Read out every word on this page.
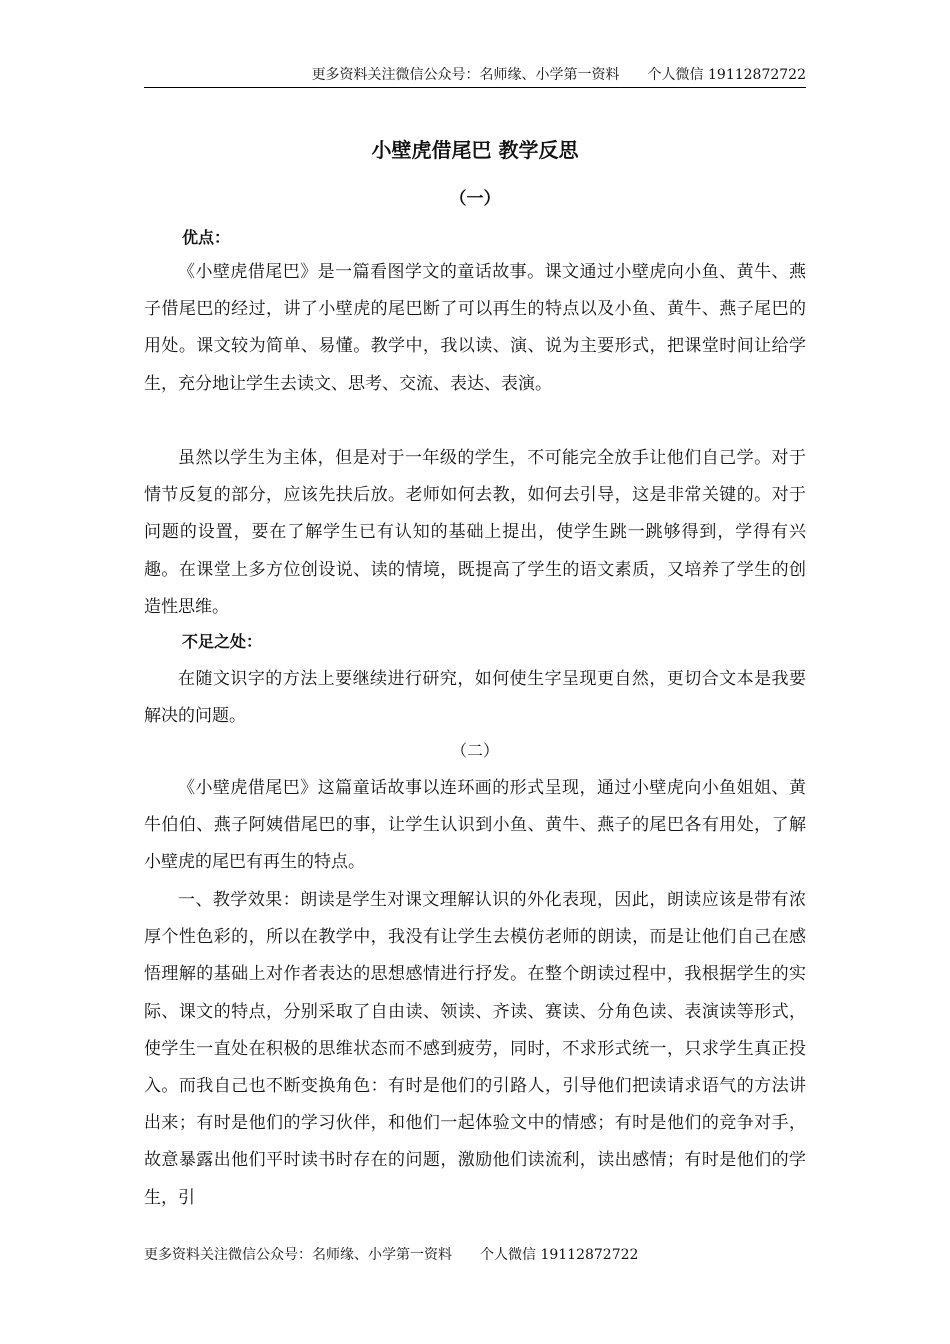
更多资料关注微信公众号：名师缘、小学第一资料　　个人微信 19112872722
小壁虎借尾巴 教学反思
（一）
优点：

《小壁虎借尾巴》是一篇看图学文的童话故事。课文通过小壁虎向小鱼、黄牛、燕子借尾巴的经过，讲了小壁虎的尾巴断了可以再生的特点以及小鱼、黄牛、燕子尾巴的用处。课文较为简单、易懂。教学中，我以读、演、说为主要形式，把课堂时间让给学生，充分地让学生去读文、思考、交流、表达、表演。

虽然以学生为主体，但是对于一年级的学生，不可能完全放手让他们自己学。对于情节反复的部分，应该先扶后放。老师如何去教，如何去引导，这是非常关键的。对于问题的设置，要在了解学生已有认知的基础上提出，使学生跳一跳够得到，学得有兴趣。在课堂上多方位创设说、读的情境，既提高了学生的语文素质，又培养了学生的创造性思维。

不足之处：

在随文识字的方法上要继续进行研究，如何使生字呈现更自然，更切合文本是我要解决的问题。

（二）

《小壁虎借尾巴》这篇童话故事以连环画的形式呈现，通过小壁虎向小鱼姐姐、黄牛伯伯、燕子阿姨借尾巴的事，让学生认识到小鱼、黄牛、燕子的尾巴各有用处，了解小壁虎的尾巴有再生的特点。

一、教学效果：朗读是学生对课文理解认识的外化表现，因此，朗读应该是带有浓厚个性色彩的，所以在教学中，我没有让学生去模仿老师的朗读，而是让他们自己在感悟理解的基础上对作者表达的思想感情进行抒发。在整个朗读过程中，我根据学生的实际、课文的特点，分别采取了自由读、领读、齐读、赛读、分角色读、表演读等形式，使学生一直处在积极的思维状态而不感到疲劳，同时，不求形式统一，只求学生真正投入。而我自己也不断变换角色：有时是他们的引路人，引导他们把读请求语气的方法讲出来；有时是他们的学习伙伴，和他们一起体验文中的情感；有时是他们的竞争对手，故意暴露出他们平时读书时存在的问题，激励他们读流利，读出感情；有时是他们的学生，引

更多资料关注微信公众号：名师缘、小学第一资料　　个人微信 19112872722
